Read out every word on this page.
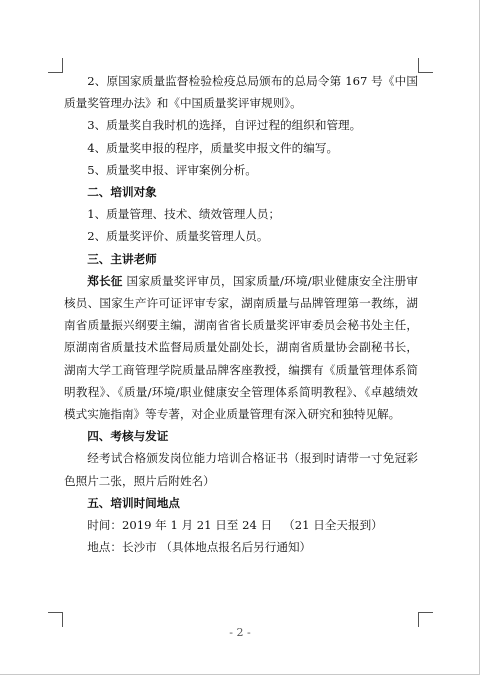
2、原国家质量监督检验检疫总局颁布的总局令第 167 号《中国质量奖管理办法》和《中国质量奖评审规则》。

3、质量奖自我时机的选择，自评过程的组织和管理。

4、质量奖申报的程序，质量奖申报文件的编写。

5、质量奖申报、评审案例分析。

二、培训对象

1、质量管理、技术、绩效管理人员；

2、质量奖评价、质量奖管理人员。

三、主讲老师

郑长征 国家质量奖评审员，国家质量/环境/职业健康安全注册审核员、国家生产许可证评审专家，湖南质量与品牌管理第一教练，湖南省质量振兴纲要主编，湖南省省长质量奖评审委员会秘书处主任，原湖南省质量技术监督局质量处副处长，湖南省质量协会副秘书长，湖南大学工商管理学院质量品牌客座教授，编撰有《质量管理体系简明教程》、《质量/环境/职业健康安全管理体系简明教程》、《卓越绩效模式实施指南》等专著，对企业质量管理有深入研究和独特见解。

四、考核与发证

经考试合格颁发岗位能力培训合格证书（报到时请带一寸免冠彩色照片二张，照片后附姓名）

五、培训时间地点

时间：2019 年 1 月 21 日至 24 日   （21 日全天报到）

地点：长沙市 （具体地点报名后另行通知）

- 2 -
